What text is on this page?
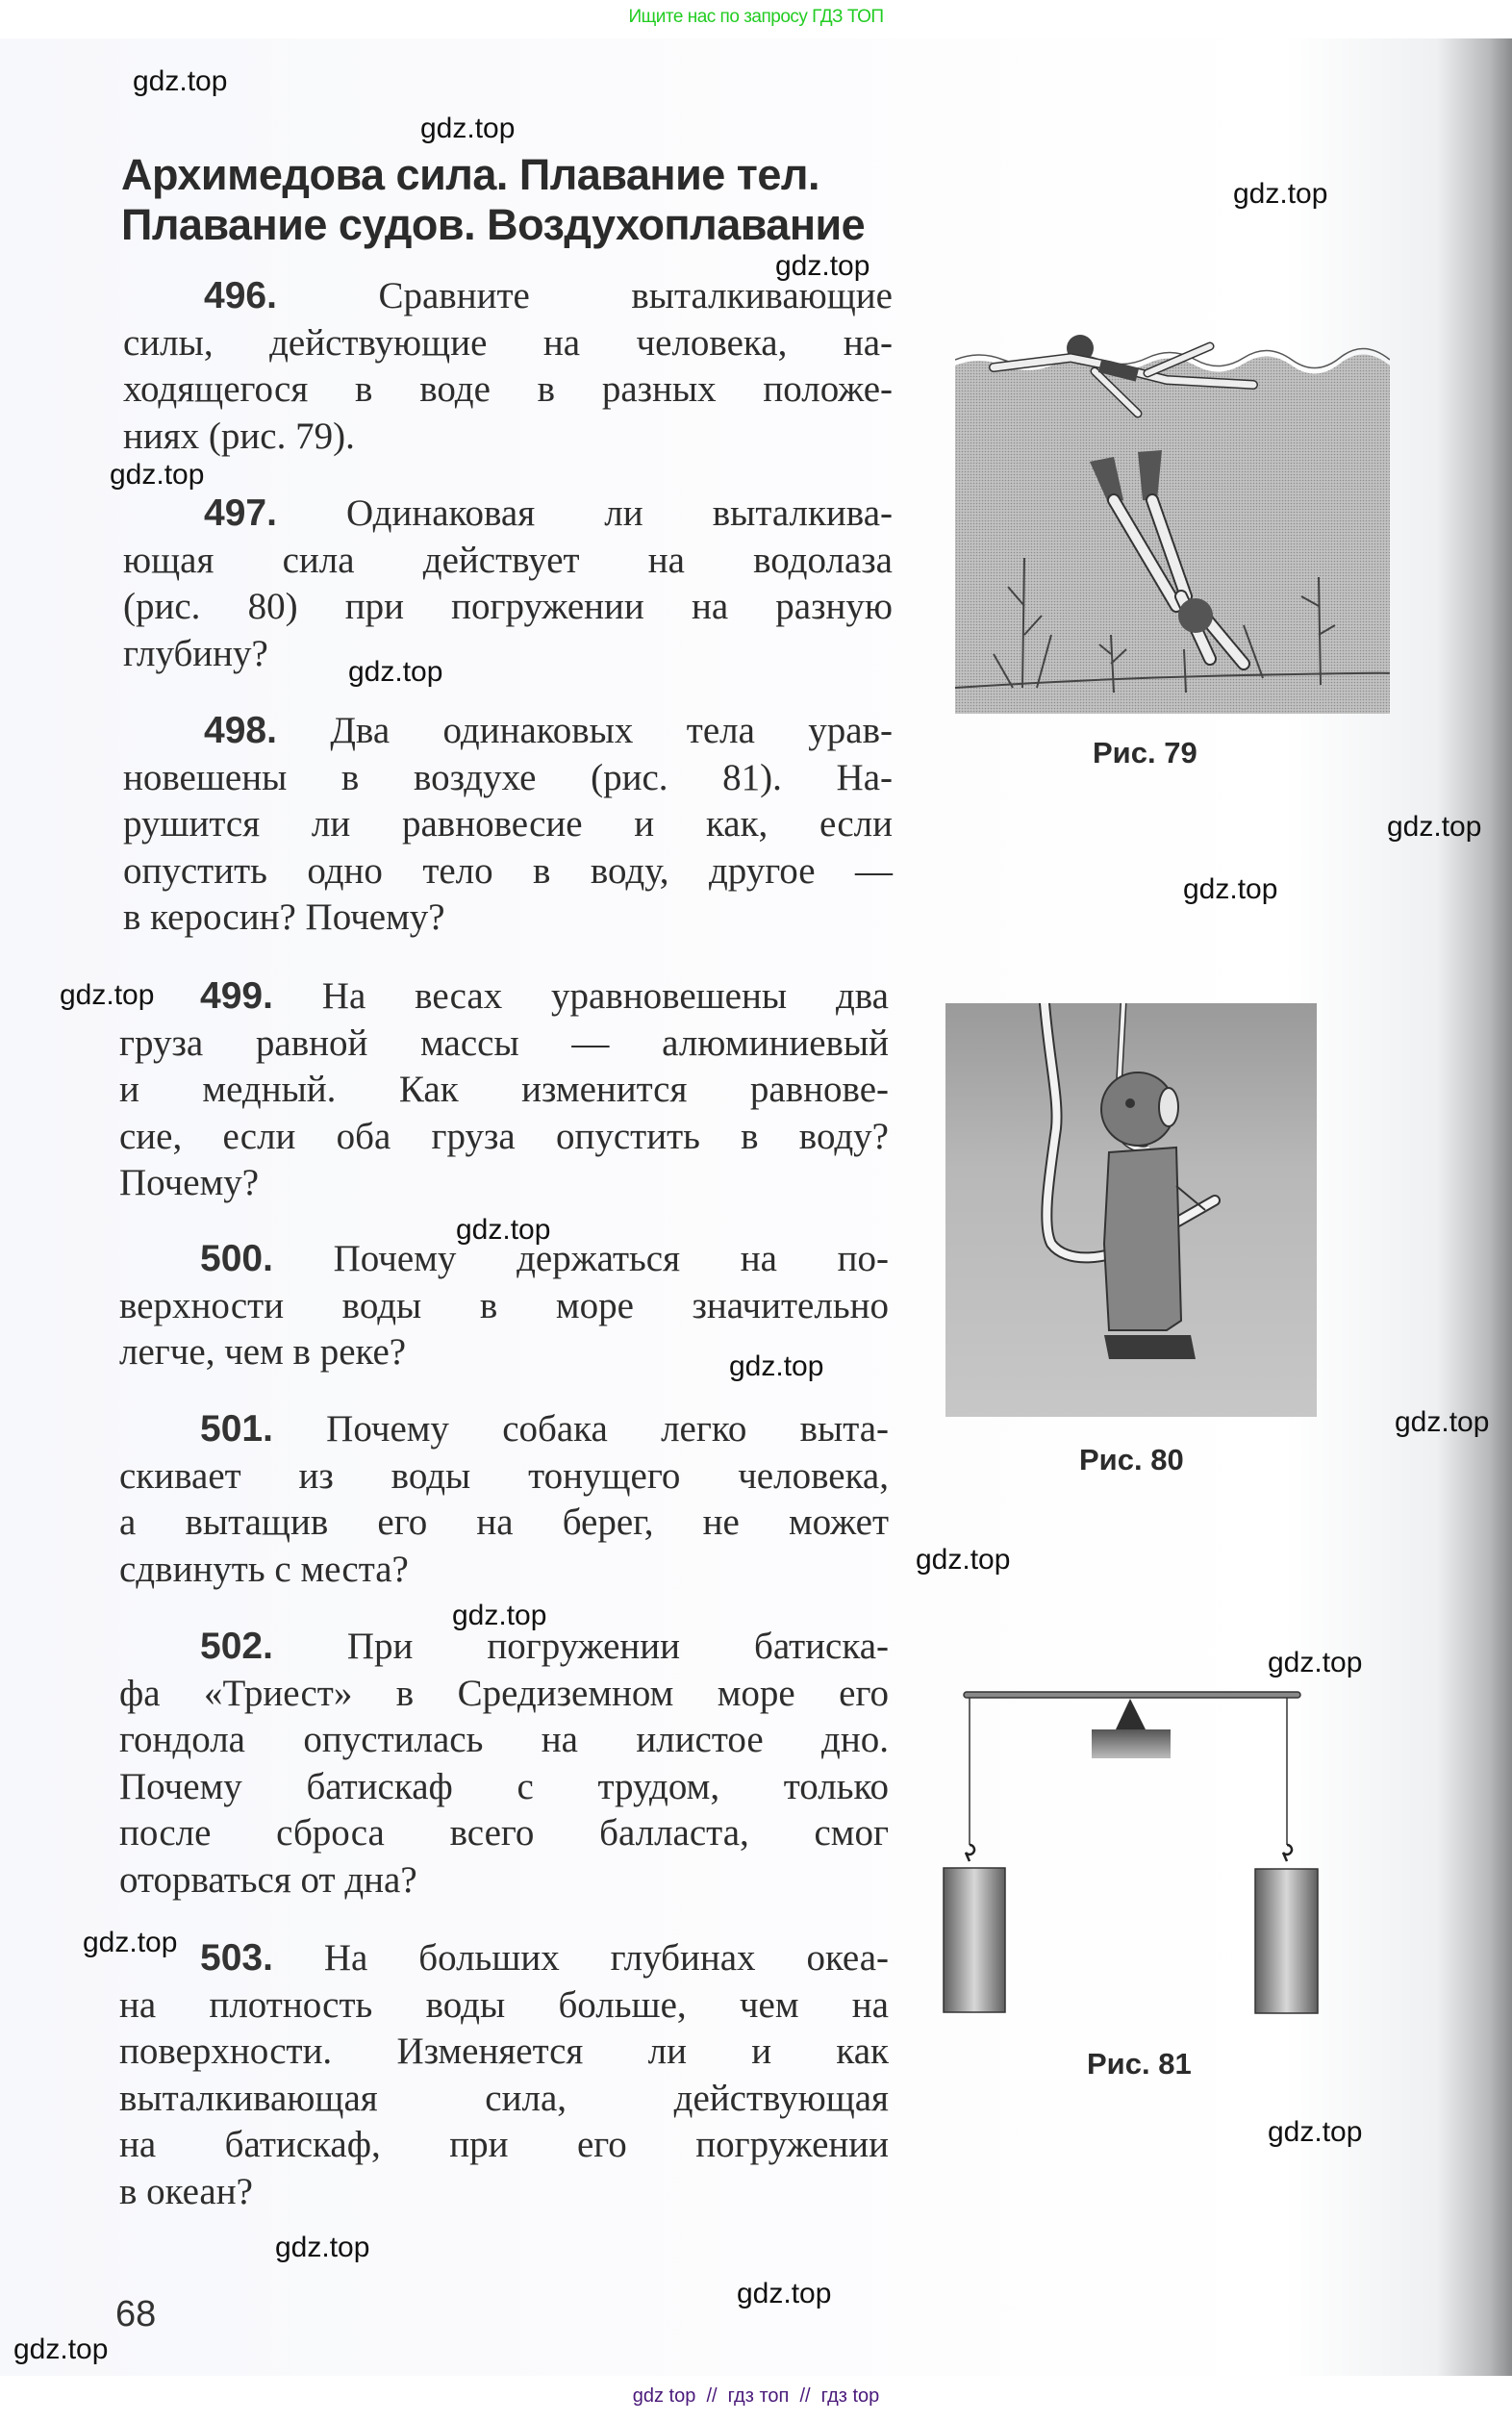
Ищите нас по запросу ГДЗ ТОП
Архимедова сила. Плавание тел.
Плавание судов. Воздухоплавание
496.	Сравните выталкивающие
силы, действующие на человека, на-
ходящегося в воде в разных положе-
ниях (рис. 79).
497. Одинаковая ли выталкива-
ющая сила действует на водолаза
(рис. 80) при погружении на разную
глубину?
498. Два одинаковых тела урав-
новешены в воздухе (рис. 81). На-
рушится ли равновесие и как, если
опустить одно тело в воду, другое —
в керосин? Почему?
499. На весах уравновешены два
груза равной массы — алюминиевый
и медный. Как изменится равнове-
сие, если оба груза опустить в воду?
Почему?
500. Почему держаться на по-
верхности воды в море значительно
легче, чем в реке?
501. Почему собака легко выта-
скивает из воды тонущего человека,
а вытащив его на берег, не может
сдвинуть с места?
502. При погружении батиска-
фа «Триест» в Средиземном море его
гондола опустилась на илистое дно.
Почему батискаф с трудом, только
после сброса всего балласта, смог
оторваться от дна?
503. На больших глубинах океа-
на плотность воды больше, чем на
поверхности. Изменяется ли и как
выталкивающая сила, действующая
на батискаф, при его погружении
в океан?
Рис. 79
Рис. 80
Рис. 81
68
gdz.top
gdz.top
gdz.top
gdz.top
gdz.top
gdz.top
gdz.top
gdz.top
gdz.top
gdz.top
gdz.top
gdz.top
gdz.top
gdz.top
gdz.top
gdz.top
gdz.top
gdz.top
gdz.top
gdz.top
gdz top  //  гдз топ  //  гдз top
